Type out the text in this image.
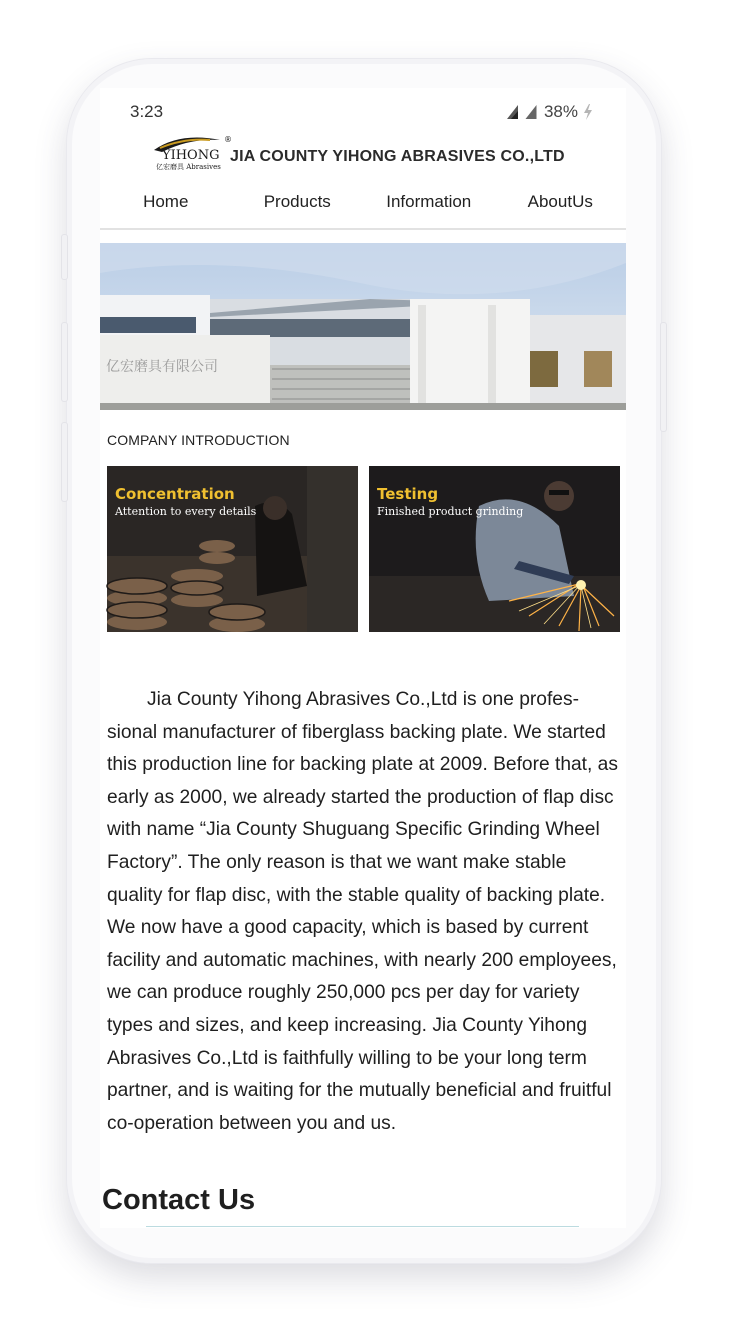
3:23	38%
®
YIHONG
亿宏磨具 Abrasives
JIA COUNTY YIHONG ABRASIVES CO.,LTD
Home	Products	Information	AboutUs
亿宏磨具有限公司
COMPANY INTRODUCTION
Concentration
Attention to every details
Testing
Finished product grinding

Jia County Yihong Abrasives Co.,Ltd is one profes-sional manufacturer of fiberglass backing plate. We started this production line for backing plate at 2009. Before that, as early as 2000, we already started the production of flap disc with name “Jia County Shuguang Specific Grinding Wheel Factory”. The only reason is that we want make stable quality for flap disc, with the stable quality of backing plate. We now have a good capacity, which is based by current facility and automatic machines, with nearly 200 employees, we can produce roughly 250,000 pcs per day for variety types and sizes, and keep increasing. Jia County Yihong Abrasives Co.,Ltd is faithfully willing to be your long term partner, and is waiting for the mutually beneficial and fruitful co-operation between you and us.

Contact Us
